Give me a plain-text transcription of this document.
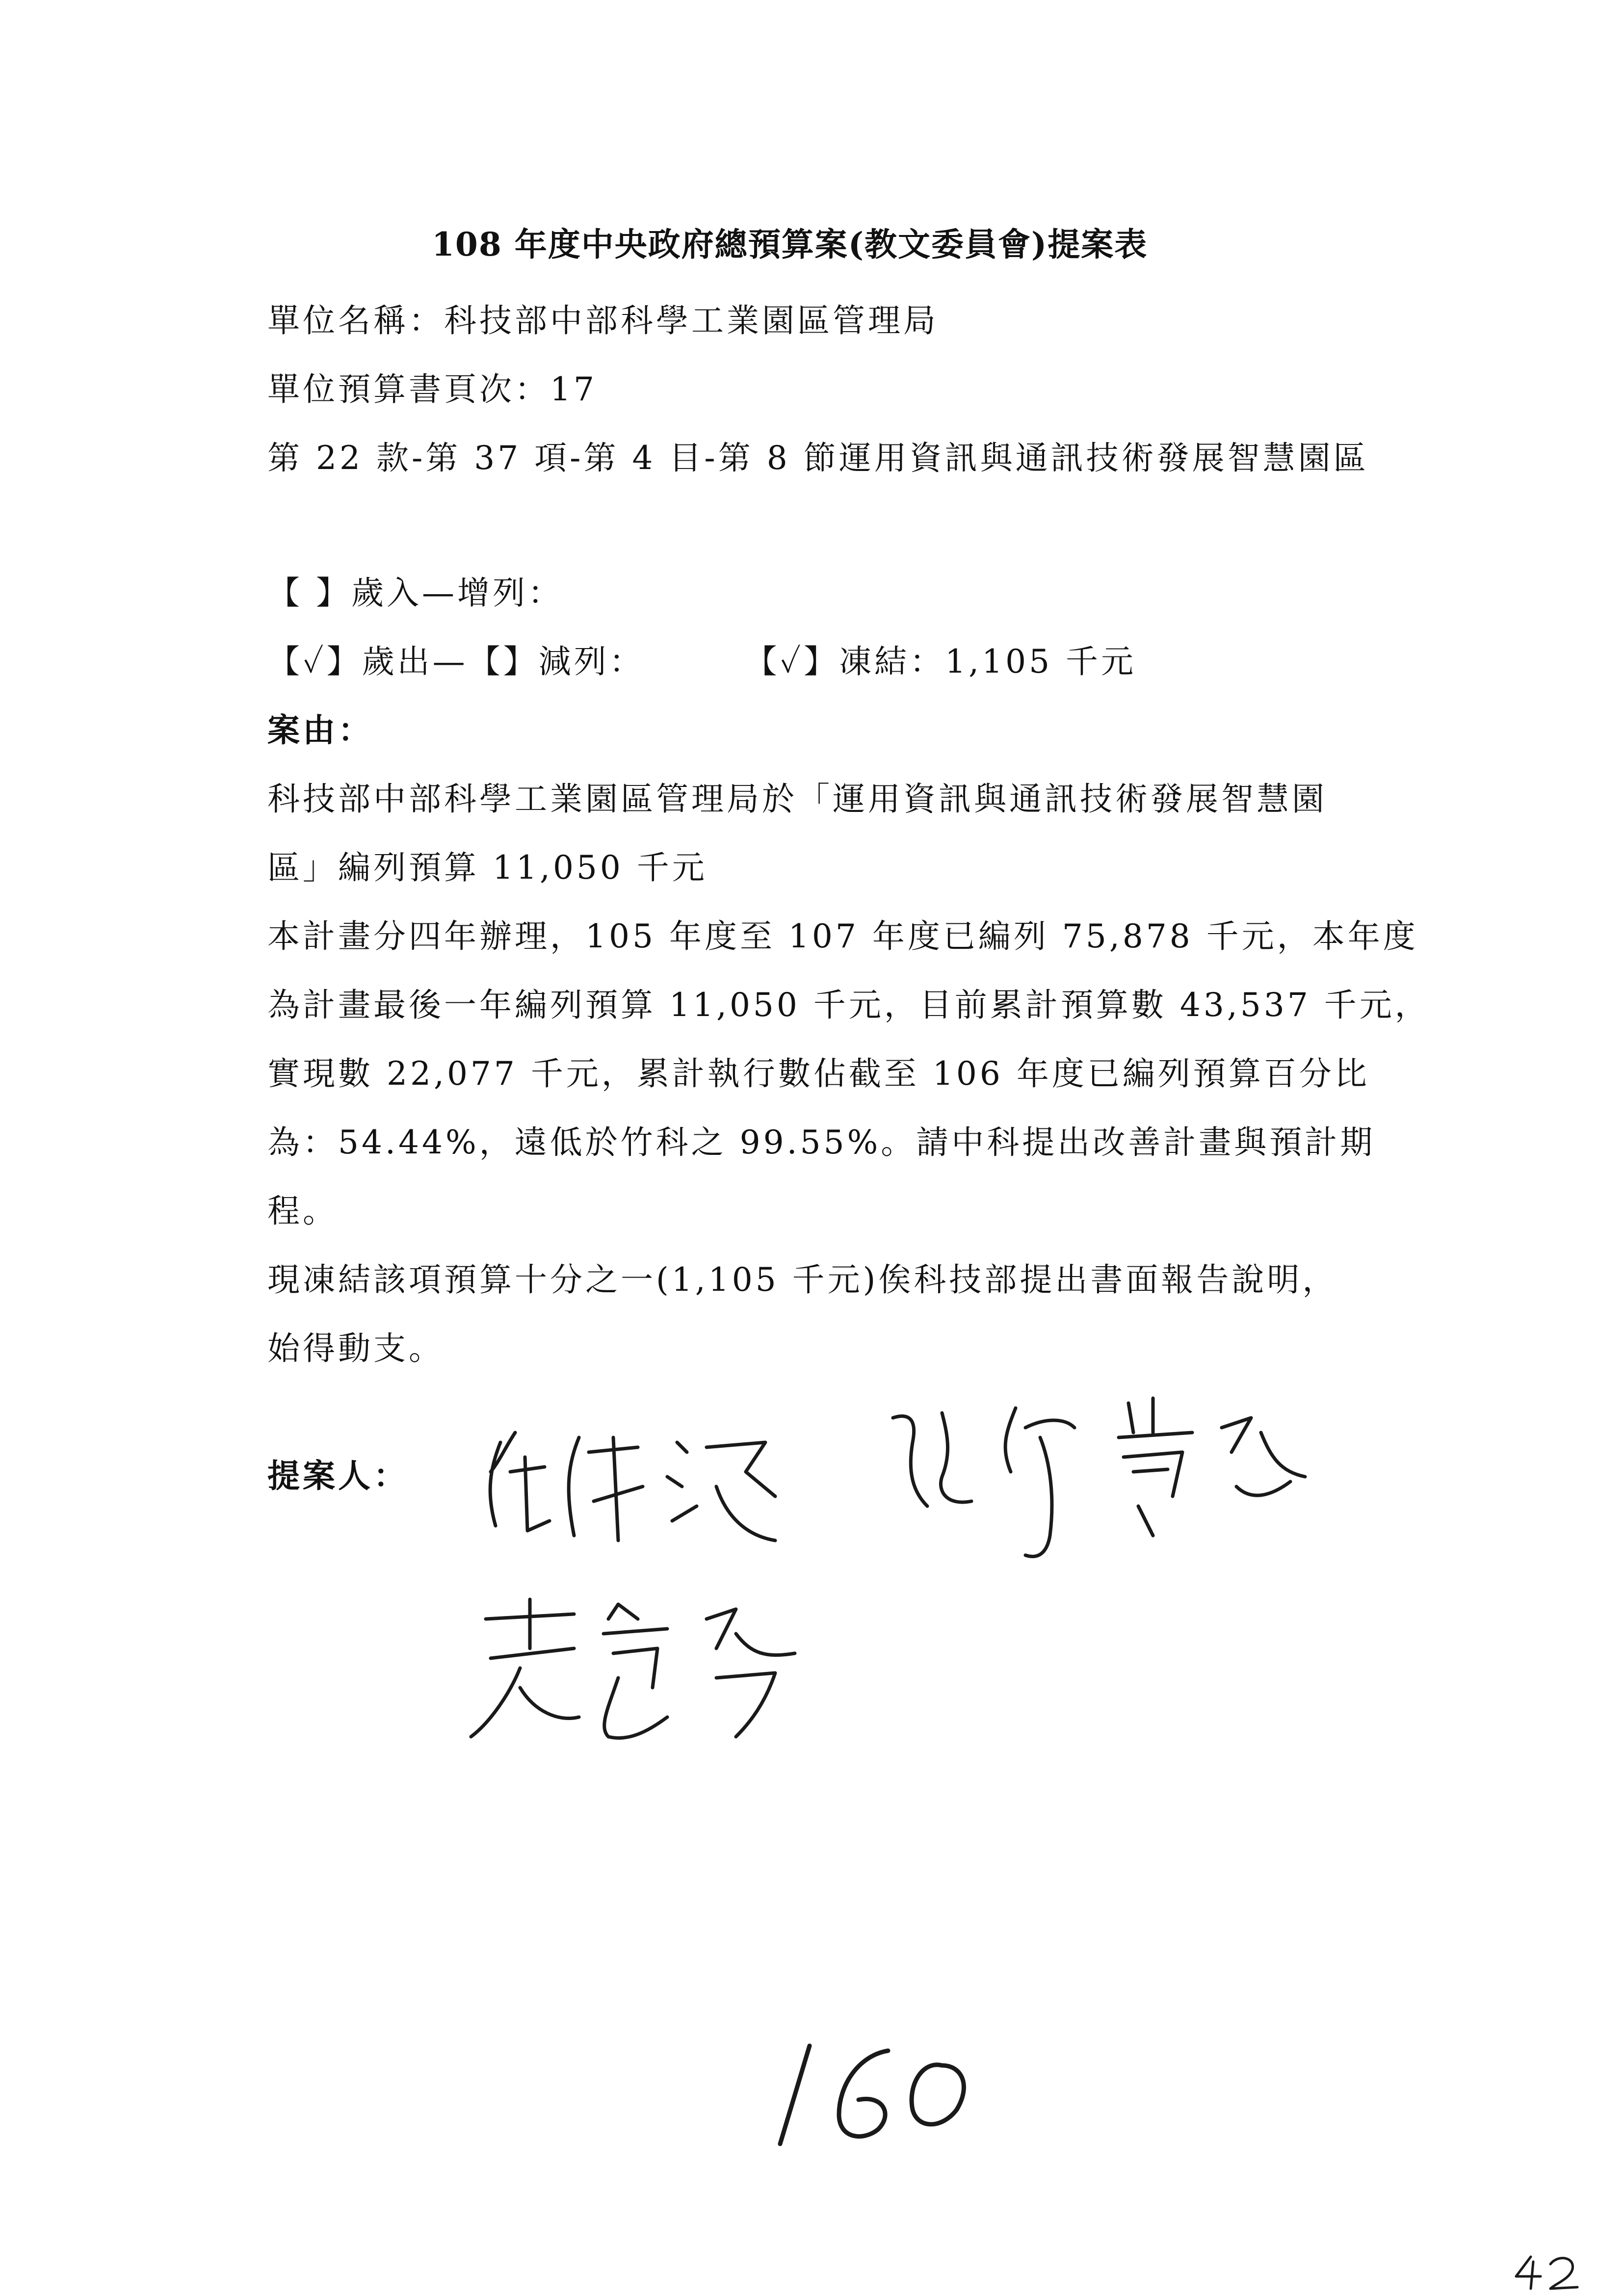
108 年度中央政府總預算案(教文委員會)提案表
單位名稱：科技部中部科學工業園區管理局
單位預算書頁次：17
第 22 款-第 37 項-第 4 目-第 8 節運用資訊與通訊技術發展智慧園區
【 】歲入—增列：
【✓】歲出—【】減列：	【✓】凍結：1,105 千元
案由：
科技部中部科學工業園區管理局於「運用資訊與通訊技術發展智慧園
區」編列預算 11,050 千元
本計畫分四年辦理，105 年度至 107 年度已編列 75,878 千元，本年度
為計畫最後一年編列預算 11,050 千元，目前累計預算數 43,537 千元，
實現數 22,077 千元，累計執行數佔截至 106 年度已編列預算百分比
為：54.44%，遠低於竹科之 99.55%。請中科提出改善計畫與預計期
程。
現凍結該項預算十分之一(1,105 千元)俟科技部提出書面報告說明，
始得動支。
提案人：
